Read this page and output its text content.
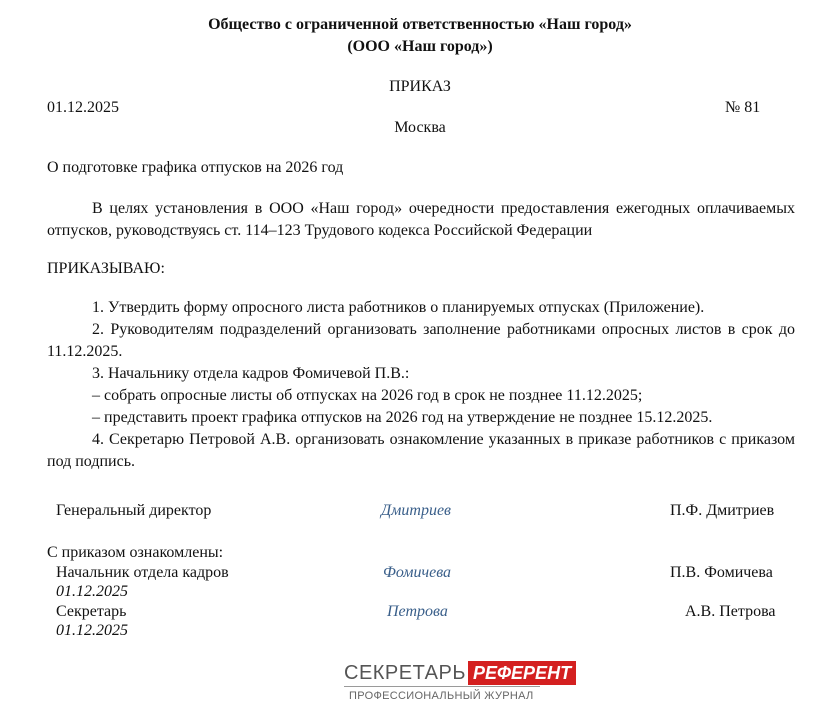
Общество с ограниченной ответственностью «Наш город»
(ООО «Наш город»)
ПРИКАЗ
01.12.2025	№ 81
Москва
О подготовке графика отпусков на 2026 год
В целях установления в ООО «Наш город» очередности предоставления ежегодных оплачиваемых отпусков, руководствуясь ст. 114–123 Трудового кодекса Российской Федерации
ПРИКАЗЫВАЮ:
1. Утвердить форму опросного листа работников о планируемых отпусках (Приложение).
2. Руководителям подразделений организовать заполнение работниками опросных листов в срок до 11.12.2025.
3. Начальнику отдела кадров Фомичевой П.В.:
– собрать опросные листы об отпусках на 2026 год в срок не позднее 11.12.2025;
– представить проект графика отпусков на 2026 год на утверждение не позднее 15.12.2025.
4. Секретарю Петровой А.В. организовать ознакомление указанных в приказе работников с приказом под подпись.
Генеральный директор	Дмитриев	П.Ф. Дмитриев
С приказом ознакомлены:
Начальник отдела кадров	Фомичева	П.В. Фомичева
01.12.2025
Секретарь	Петрова	А.В. Петрова
01.12.2025
СЕКРЕТАРЬ РЕФЕРЕНТ
ПРОФЕССИОНАЛЬНЫЙ ЖУРНАЛ
